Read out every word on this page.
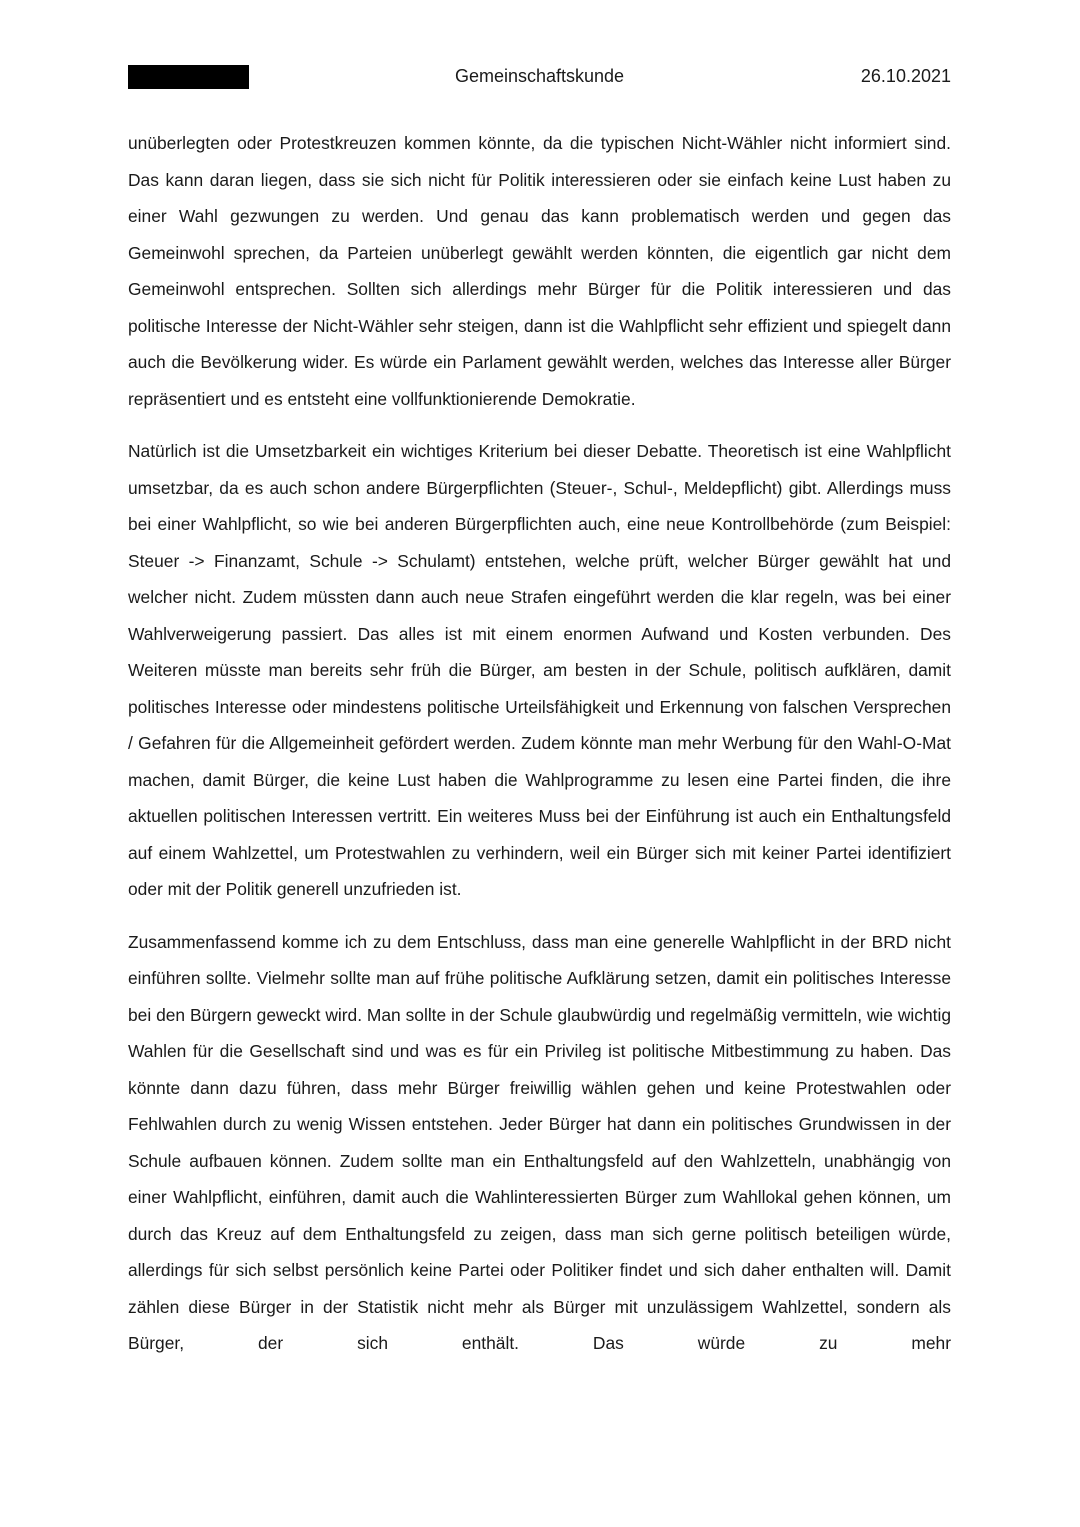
Gemeinschaftskunde	26.10.2021

unüberlegten oder Protestkreuzen kommen könnte, da die typischen Nicht-Wähler nicht informiert sind. Das kann daran liegen, dass sie sich nicht für Politik interessieren oder sie einfach keine Lust haben zu einer Wahl gezwungen zu werden. Und genau das kann problematisch werden und gegen das Gemeinwohl sprechen, da Parteien unüberlegt gewählt werden könnten, die eigentlich gar nicht dem Gemeinwohl entsprechen. Sollten sich allerdings mehr Bürger für die Politik interessieren und das politische Interesse der Nicht-Wähler sehr steigen, dann ist die Wahlpflicht sehr effizient und spiegelt dann auch die Bevölkerung wider. Es würde ein Parlament gewählt werden, welches das Interesse aller Bürger repräsentiert und es entsteht eine vollfunktionierende Demokratie.

Natürlich ist die Umsetzbarkeit ein wichtiges Kriterium bei dieser Debatte. Theoretisch ist eine Wahlpflicht umsetzbar, da es auch schon andere Bürgerpflichten (Steuer-, Schul-, Meldepflicht) gibt. Allerdings muss bei einer Wahlpflicht, so wie bei anderen Bürgerpflichten auch, eine neue Kontrollbehörde (zum Beispiel: Steuer -> Finanzamt, Schule -> Schulamt) entstehen, welche prüft, welcher Bürger gewählt hat und welcher nicht. Zudem müssten dann auch neue Strafen eingeführt werden die klar regeln, was bei einer Wahlverweigerung passiert. Das alles ist mit einem enormen Aufwand und Kosten verbunden. Des Weiteren müsste man bereits sehr früh die Bürger, am besten in der Schule, politisch aufklären, damit politisches Interesse oder mindestens politische Urteilsfähigkeit und Erkennung von falschen Versprechen / Gefahren für die Allgemeinheit gefördert werden. Zudem könnte man mehr Werbung für den Wahl-O-Mat machen, damit Bürger, die keine Lust haben die Wahlprogramme zu lesen eine Partei finden, die ihre aktuellen politischen Interessen vertritt. Ein weiteres Muss bei der Einführung ist auch ein Enthaltungsfeld auf einem Wahlzettel, um Protestwahlen zu verhindern, weil ein Bürger sich mit keiner Partei identifiziert oder mit der Politik generell unzufrieden ist.

Zusammenfassend komme ich zu dem Entschluss, dass man eine generelle Wahlpflicht in der BRD nicht einführen sollte. Vielmehr sollte man auf frühe politische Aufklärung setzen, damit ein politisches Interesse bei den Bürgern geweckt wird. Man sollte in der Schule glaubwürdig und regelmäßig vermitteln, wie wichtig Wahlen für die Gesellschaft sind und was es für ein Privileg ist politische Mitbestimmung zu haben. Das könnte dann dazu führen, dass mehr Bürger freiwillig wählen gehen und keine Protestwahlen oder Fehlwahlen durch zu wenig Wissen entstehen. Jeder Bürger hat dann ein politisches Grundwissen in der Schule aufbauen können. Zudem sollte man ein Enthaltungsfeld auf den Wahlzetteln, unabhängig von einer Wahlpflicht, einführen, damit auch die Wahlinteressierten Bürger zum Wahllokal gehen können, um durch das Kreuz auf dem Enthaltungsfeld zu zeigen, dass man sich gerne politisch beteiligen würde, allerdings für sich selbst persönlich keine Partei oder Politiker findet und sich daher enthalten will. Damit zählen diese Bürger in der Statistik nicht mehr als Bürger mit unzulässigem Wahlzettel, sondern als Bürger, der sich enthält. Das würde zu mehr
